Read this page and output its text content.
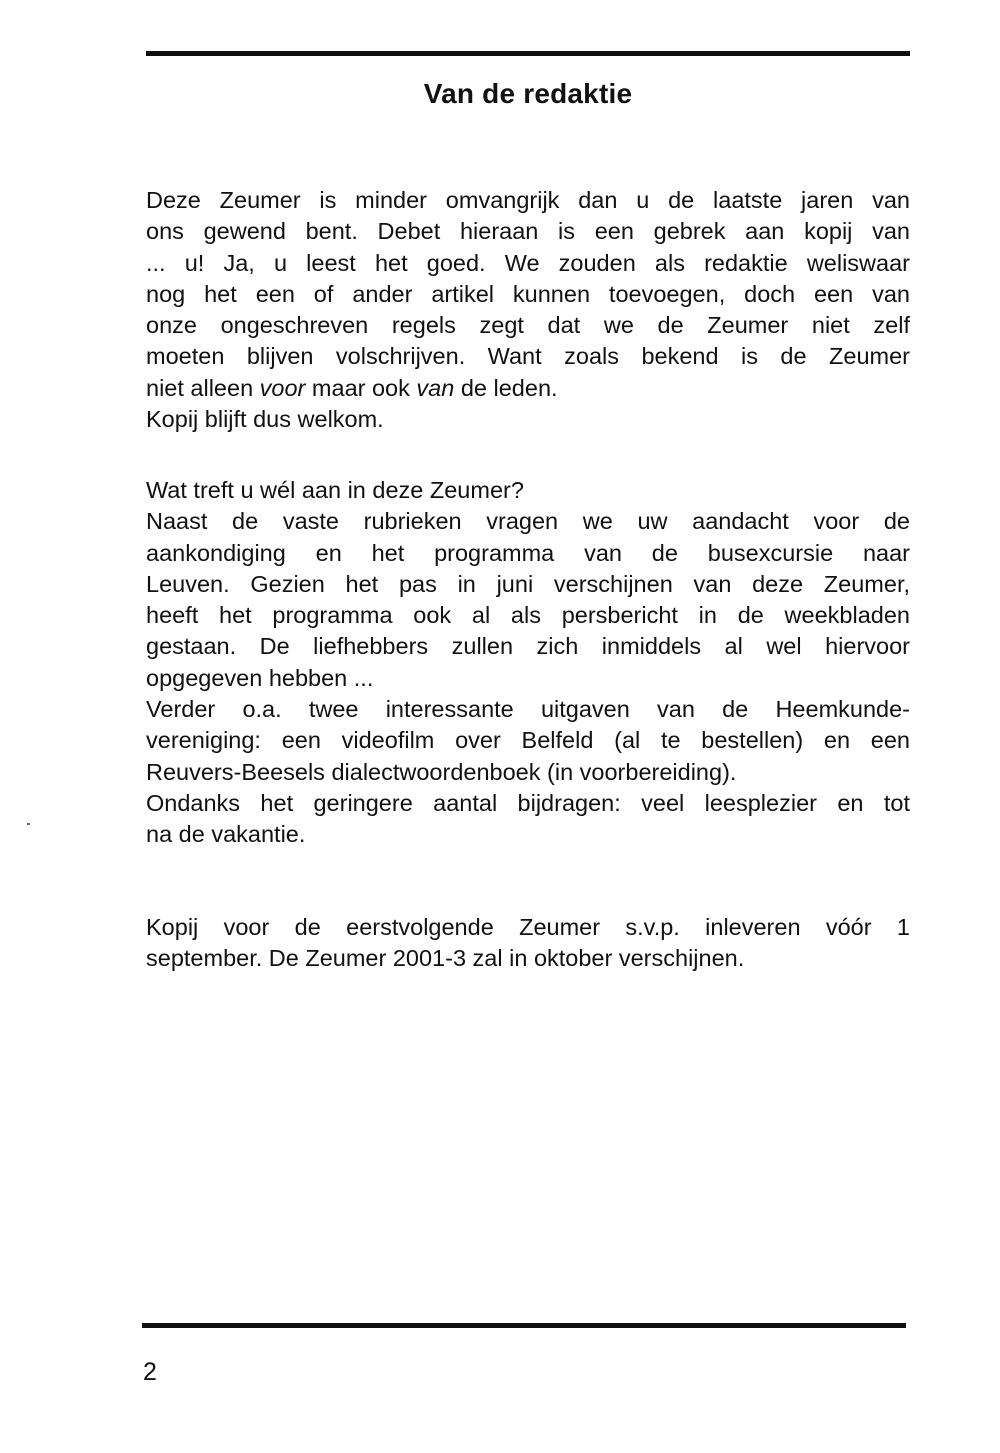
Van de redaktie
Deze Zeumer is minder omvangrijk dan u de laatste jaren van
ons gewend bent. Debet hieraan is een gebrek aan kopij van
... u! Ja, u leest het goed. We zouden als redaktie weliswaar
nog het een of ander artikel kunnen toevoegen, doch een van
onze ongeschreven regels zegt dat we de Zeumer niet zelf
moeten blijven volschrijven. Want zoals bekend is de Zeumer
niet alleen voor maar ook van de leden.
Kopij blijft dus welkom.
Wat treft u wél aan in deze Zeumer?
Naast de vaste rubrieken vragen we uw aandacht voor de
aankondiging en het programma van de busexcursie naar
Leuven. Gezien het pas in juni verschijnen van deze Zeumer,
heeft het programma ook al als persbericht in de weekbladen
gestaan. De liefhebbers zullen zich inmiddels al wel hiervoor
opgegeven hebben ...
Verder o.a. twee interessante uitgaven van de Heemkunde-
vereniging: een videofilm over Belfeld (al te bestellen) en een
Reuvers-Beesels dialectwoordenboek (in voorbereiding).
Ondanks het geringere aantal bijdragen: veel leesplezier en tot
na de vakantie.
Kopij voor de eerstvolgende Zeumer s.v.p. inleveren vóór 1
september. De Zeumer 2001-3 zal in oktober verschijnen.
2
